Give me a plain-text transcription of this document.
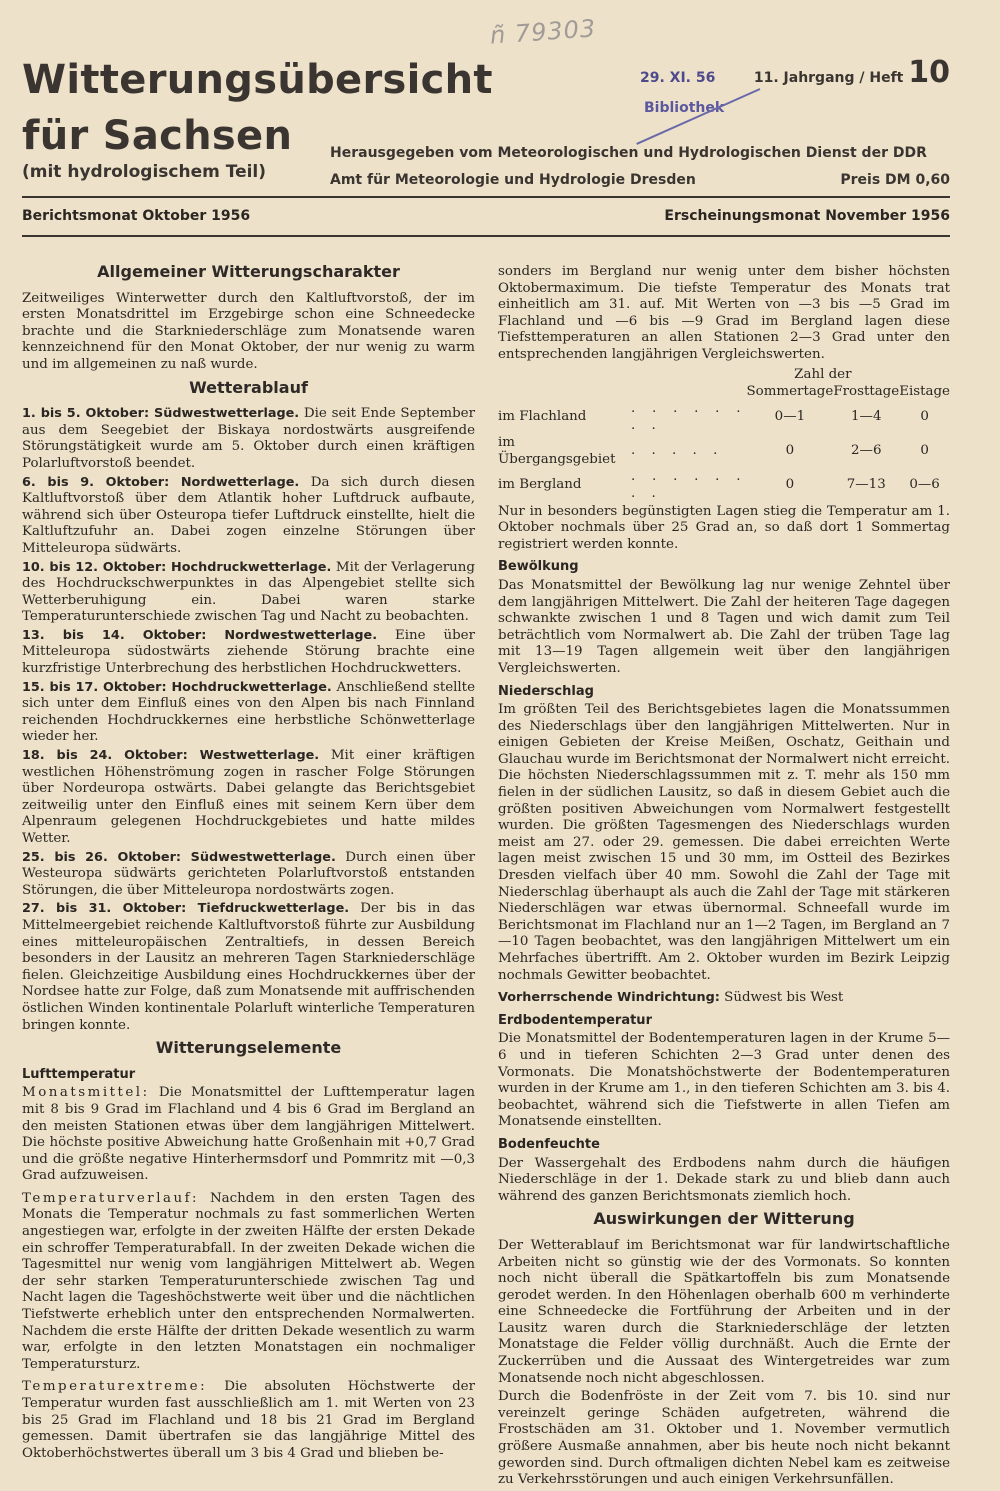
ñ 79303
29. XI. 56
Bibliothek
Witterungsübersicht
für Sachsen
(mit hydrologischem Teil)
11. Jahrgang / Heft 10
Herausgegeben vom Meteorologischen und Hydrologischen Dienst der DDR
Amt für Meteorologie und Hydrologie Dresden	Preis DM 0,60
Berichtsmonat Oktober 1956	Erscheinungsmonat November 1956
Allgemeiner Witterungscharakter

Zeitweiliges Winterwetter durch den Kaltluftvorstoß, der im ersten Monatsdrittel im Erzgebirge schon eine Schneedecke brachte und die Starkniederschläge zum Monatsende waren kennzeichnend für den Monat Oktober, der nur wenig zu warm und im allgemeinen zu naß wurde.

Wetterablauf

1. bis 5. Oktober: Südwestwetterlage. Die seit Ende September aus dem Seegebiet der Biskaya nordostwärts ausgreifende Störungstätigkeit wurde am 5. Oktober durch einen kräftigen Polarluftvorstoß beendet.

6. bis 9. Oktober: Nordwetterlage. Da sich durch diesen Kaltluftvorstoß über dem Atlantik hoher Luftdruck aufbaute, während sich über Osteuropa tiefer Luftdruck einstellte, hielt die Kaltluftzufuhr an. Dabei zogen einzelne Störungen über Mitteleuropa südwärts.

10. bis 12. Oktober: Hochdruckwetterlage. Mit der Verlagerung des Hochdruckschwerpunktes in das Alpengebiet stellte sich Wetterberuhigung ein. Dabei waren starke Temperaturunterschiede zwischen Tag und Nacht zu beobachten.

13. bis 14. Oktober: Nordwestwetterlage. Eine über Mitteleuropa südostwärts ziehende Störung brachte eine kurzfristige Unterbrechung des herbstlichen Hochdruckwetters.

15. bis 17. Oktober: Hochdruckwetterlage. Anschließend stellte sich unter dem Einfluß eines von den Alpen bis nach Finnland reichenden Hochdruckkernes eine herbstliche Schönwetterlage wieder her.

18. bis 24. Oktober: Westwetterlage. Mit einer kräftigen westlichen Höhenströmung zogen in rascher Folge Störungen über Nordeuropa ostwärts. Dabei gelangte das Berichtsgebiet zeitweilig unter den Einfluß eines mit seinem Kern über dem Alpenraum gelegenen Hochdruckgebietes und hatte mildes Wetter.

25. bis 26. Oktober: Südwestwetterlage. Durch einen über Westeuropa südwärts gerichteten Polarluftvorstoß entstanden Störungen, die über Mitteleuropa nordostwärts zogen.

27. bis 31. Oktober: Tiefdruckwetterlage. Der bis in das Mittelmeergebiet reichende Kaltluftvorstoß führte zur Ausbildung eines mitteleuropäischen Zentraltiefs, in dessen Bereich besonders in der Lausitz an mehreren Tagen Starkniederschläge fielen. Gleichzeitige Ausbildung eines Hochdruckkernes über der Nordsee hatte zur Folge, daß zum Monatsende mit auffrischenden östlichen Winden kontinentale Polarluft winterliche Temperaturen bringen konnte.

Witterungselemente
Lufttemperatur

Monatsmittel: Die Monatsmittel der Lufttemperatur lagen mit 8 bis 9 Grad im Flachland und 4 bis 6 Grad im Bergland an den meisten Stationen etwas über dem langjährigen Mittelwert. Die höchste positive Abweichung hatte Großenhain mit +0,7 Grad und die größte negative Hinterhermsdorf und Pommritz mit —0,3 Grad aufzuweisen.

Temperaturverlauf: Nachdem in den ersten Tagen des Monats die Temperatur nochmals zu fast sommerlichen Werten angestiegen war, erfolgte in der zweiten Hälfte der ersten Dekade ein schroffer Temperaturabfall. In der zweiten Dekade wichen die Tagesmittel nur wenig vom langjährigen Mittelwert ab. Wegen der sehr starken Temperaturunterschiede zwischen Tag und Nacht lagen die Tageshöchstwerte weit über und die nächtlichen Tiefstwerte erheblich unter den entsprechenden Normalwerten. Nachdem die erste Hälfte der dritten Dekade wesentlich zu warm war, erfolgte in den letzten Monatstagen ein nochmaliger Temperatursturz.

Temperaturextreme: Die absoluten Höchstwerte der Temperatur wurden fast ausschließlich am 1. mit Werten von 23 bis 25 Grad im Flachland und 18 bis 21 Grad im Bergland gemessen. Damit übertrafen sie das langjährige Mittel des Oktoberhöchstwertes überall um 3 bis 4 Grad und blieben be-

sonders im Bergland nur wenig unter dem bisher höchsten Oktobermaximum. Die tiefste Temperatur des Monats trat einheitlich am 31. auf. Mit Werten von —3 bis —5 Grad im Flachland und —6 bis —9 Grad im Bergland lagen diese Tiefsttemperaturen an allen Stationen 2—3 Grad unter den entsprechenden langjährigen Vergleichswerten.

		Zahl der		
		Sommertage	Frosttage	Eistage
im Flachland	. . . . . . . .	0—1	1—4	0
im Übergangsgebiet	. . . . .	0	2—6	0
im Bergland	. . . . . . . .	0	7—13	0—6

Nur in besonders begünstigten Lagen stieg die Temperatur am 1. Oktober nochmals über 25 Grad an, so daß dort 1 Sommertag registriert werden konnte.

Bewölkung

Das Monatsmittel der Bewölkung lag nur wenige Zehntel über dem langjährigen Mittelwert. Die Zahl der heiteren Tage dagegen schwankte zwischen 1 und 8 Tagen und wich damit zum Teil beträchtlich vom Normalwert ab. Die Zahl der trüben Tage lag mit 13—19 Tagen allgemein weit über den langjährigen Vergleichswerten.

Niederschlag

Im größten Teil des Berichtsgebietes lagen die Monatssummen des Niederschlags über den langjährigen Mittelwerten. Nur in einigen Gebieten der Kreise Meißen, Oschatz, Geithain und Glauchau wurde im Berichtsmonat der Normalwert nicht erreicht. Die höchsten Niederschlagssummen mit z. T. mehr als 150 mm fielen in der südlichen Lausitz, so daß in diesem Gebiet auch die größten positiven Abweichungen vom Normalwert festgestellt wurden. Die größten Tagesmengen des Niederschlags wurden meist am 27. oder 29. gemessen. Die dabei erreichten Werte lagen meist zwischen 15 und 30 mm, im Ostteil des Bezirkes Dresden vielfach über 40 mm. Sowohl die Zahl der Tage mit Niederschlag überhaupt als auch die Zahl der Tage mit stärkeren Niederschlägen war etwas übernormal. Schneefall wurde im Berichtsmonat im Flachland nur an 1—2 Tagen, im Bergland an 7—10 Tagen beobachtet, was den langjährigen Mittelwert um ein Mehrfaches übertrifft. Am 2. Oktober wurden im Bezirk Leipzig nochmals Gewitter beobachtet.

Vorherrschende Windrichtung: Südwest bis West

Erdbodentemperatur

Die Monatsmittel der Bodentemperaturen lagen in der Krume 5—6 und in tieferen Schichten 2—3 Grad unter denen des Vormonats. Die Monatshöchstwerte der Bodentemperaturen wurden in der Krume am 1., in den tieferen Schichten am 3. bis 4. beobachtet, während sich die Tiefstwerte in allen Tiefen am Monatsende einstellten.

Bodenfeuchte

Der Wassergehalt des Erdbodens nahm durch die häufigen Niederschläge in der 1. Dekade stark zu und blieb dann auch während des ganzen Berichtsmonats ziemlich hoch.

Auswirkungen der Witterung

Der Wetterablauf im Berichtsmonat war für landwirtschaftliche Arbeiten nicht so günstig wie der des Vormonats. So konnten noch nicht überall die Spätkartoffeln bis zum Monatsende gerodet werden. In den Höhenlagen oberhalb 600 m verhinderte eine Schneedecke die Fortführung der Arbeiten und in der Lausitz waren durch die Starkniederschläge der letzten Monatstage die Felder völlig durchnäßt. Auch die Ernte der Zuckerrüben und die Aussaat des Wintergetreides war zum Monatsende noch nicht abgeschlossen.

Durch die Bodenfröste in der Zeit vom 7. bis 10. sind nur vereinzelt geringe Schäden aufgetreten, während die Frostschäden am 31. Oktober und 1. November vermutlich größere Ausmaße annahmen, aber bis heute noch nicht bekannt geworden sind. Durch oftmaligen dichten Nebel kam es zeitweise zu Verkehrsstörungen und auch einigen Verkehrsunfällen.
